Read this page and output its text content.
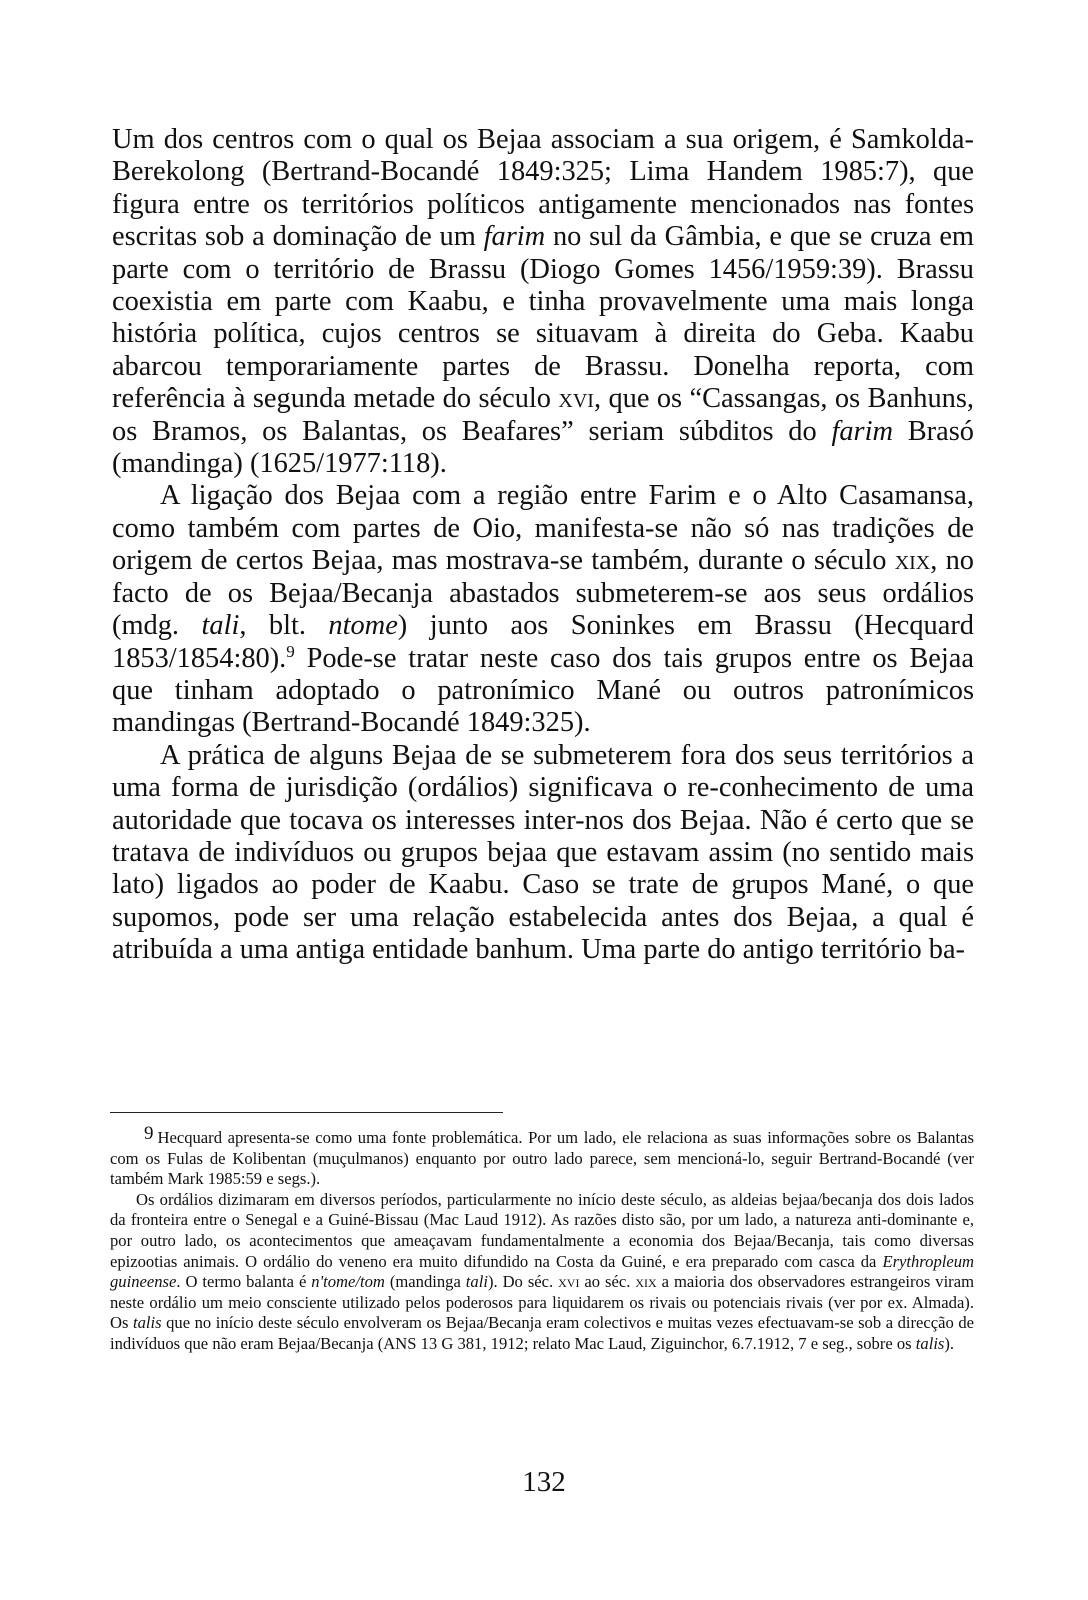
Um dos centros com o qual os Bejaa associam a sua origem, é Samkolda-Berekolong (Bertrand-Bocandé 1849:325; Lima Handem 1985:7), que figura entre os territórios políticos antigamente mencionados nas fontes escritas sob a dominação de um farim no sul da Gâmbia, e que se cruza em parte com o território de Brassu (Diogo Gomes 1456/1959:39). Brassu coexistia em parte com Kaabu, e tinha provavelmente uma mais longa história política, cujos centros se situavam à direita do Geba. Kaabu abarcou temporariamente partes de Brassu. Donelha reporta, com referência à segunda metade do século xvi, que os “Cassangas, os Banhuns, os Bramos, os Balantas, os Beafares” seriam súbditos do farim Brasó (mandinga) (1625/1977:118).

A ligação dos Bejaa com a região entre Farim e o Alto Casamansa, como também com partes de Oio, manifesta-se não só nas tradições de origem de certos Bejaa, mas mostrava-se também, durante o século xix, no facto de os Bejaa/Becanja abastados submeterem-se aos seus ordálios (mdg. tali, blt. ntome) junto aos Soninkes em Brassu (Hecquard 1853/1854:80).$^9$ Pode-se tratar neste caso dos tais grupos entre os Bejaa que tinham adoptado o patronímico Mané ou outros patronímicos mandingas (Bertrand-Bocandé 1849:325).

A prática de alguns Bejaa de se submeterem fora dos seus territórios a uma forma de jurisdição (ordálios) significava o re-conhecimento de uma autoridade que tocava os interesses inter-nos dos Bejaa. Não é certo que se tratava de indivíduos ou grupos bejaa que estavam assim (no sentido mais lato) ligados ao poder de Kaabu. Caso se trate de grupos Mané, o que supomos, pode ser uma relação estabelecida antes dos Bejaa, a qual é atribuída a uma antiga entidade banhum. Uma parte do antigo território ba-

9 Hecquard apresenta-se como uma fonte problemática. Por um lado, ele relaciona as suas informações sobre os Balantas com os Fulas de Kolibentan (muçulmanos) enquanto por outro lado parece, sem mencioná-lo, seguir Bertrand-Bocandé (ver também Mark 1985:59 e segs.).

Os ordálios dizimaram em diversos períodos, particularmente no início deste século, as aldeias bejaa/becanja dos dois lados da fronteira entre o Senegal e a Guiné-Bissau (Mac Laud 1912). As razões disto são, por um lado, a natureza anti-dominante e, por outro lado, os acontecimentos que ameaçavam fundamentalmente a economia dos Bejaa/Becanja, tais como diversas epizootias animais. O ordálio do veneno era muito difundido na Costa da Guiné, e era preparado com casca da Erythropleum guineense. O termo balanta é n'tome/tom (mandinga tali). Do séc. xvi ao séc. xix a maioria dos observadores estrangeiros viram neste ordálio um meio consciente utilizado pelos poderosos para liquidarem os rivais ou potenciais rivais (ver por ex. Almada). Os talis que no início deste século envolveram os Bejaa/Becanja eram colectivos e muitas vezes efectuavam-se sob a direcção de indivíduos que não eram Bejaa/Becanja (ANS 13 G 381, 1912; relato Mac Laud, Ziguinchor, 6.7.1912, 7 e seg., sobre os talis).

132
